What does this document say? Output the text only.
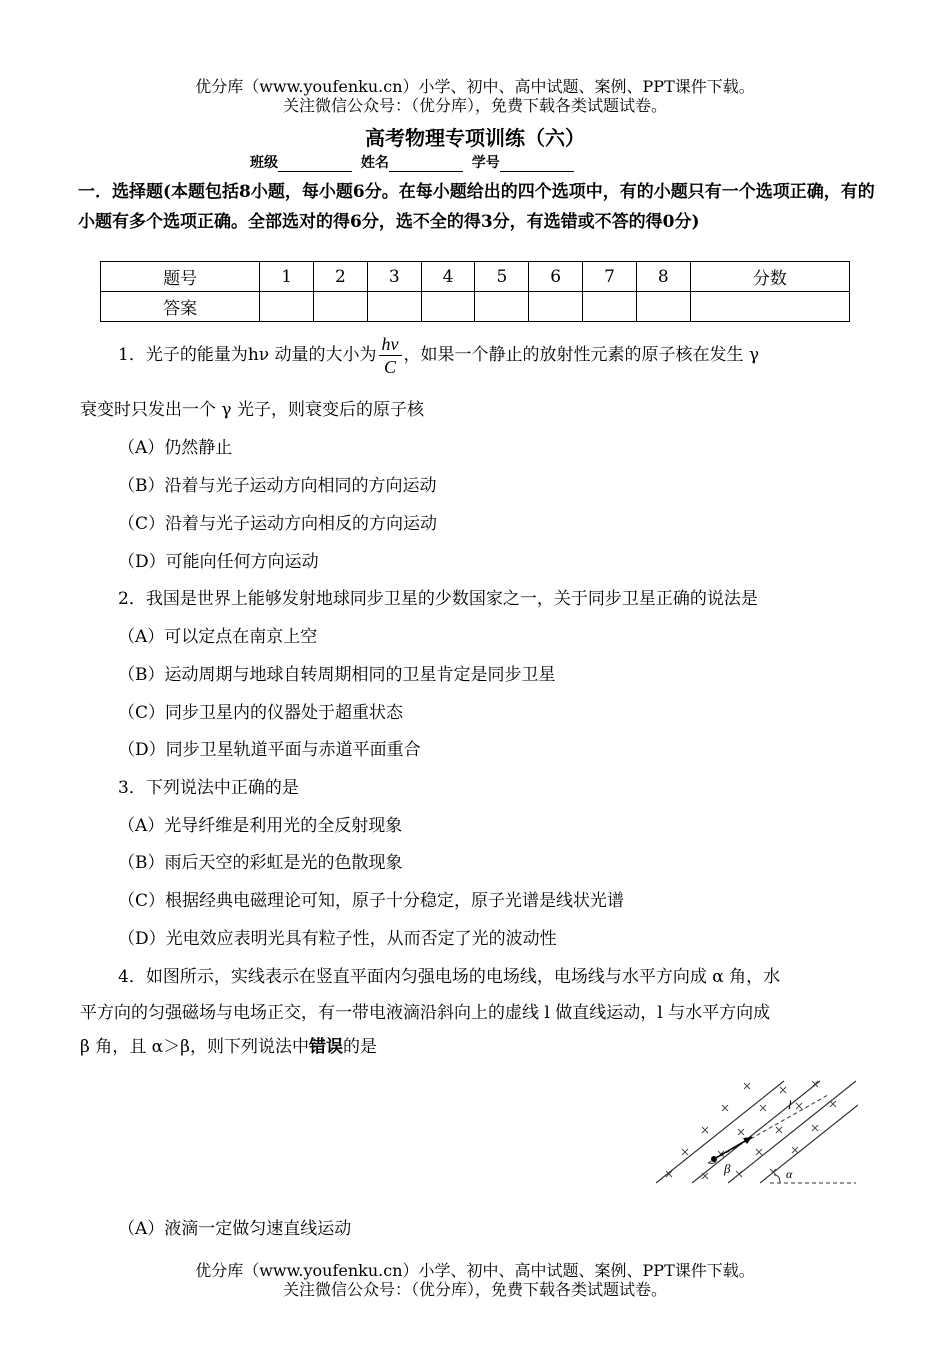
优分库（www.youfenku.cn）小学、初中、高中试题、案例、PPT课件下载。
关注微信公众号：（优分库），免费下载各类试题试卷。
高考物理专项训练（六）
班级	姓名	学号
一．选择题(本题包括8小题，每小题6分。在每小题给出的四个选项中，有的小题只有一个选项正确，有的小题有多个选项正确。全部选对的得6分，选不全的得3分，有选错或不答的得0分)
题号	1	2	3	4	5	6	7	8	分数
答案									
1．光子的能量为hν 动量的大小为 $\frac{h\nu}{C}$ ，如果一个静止的放射性元素的原子核在发生 γ
衰变时只发出一个 γ 光子，则衰变后的原子核
（A）仍然静止
（B）沿着与光子运动方向相同的方向运动
（C）沿着与光子运动方向相反的方向运动
（D）可能向任何方向运动
2．我国是世界上能够发射地球同步卫星的少数国家之一，关于同步卫星正确的说法是
（A）可以定点在南京上空
（B）运动周期与地球自转周期相同的卫星肯定是同步卫星
（C）同步卫星内的仪器处于超重状态
（D）同步卫星轨道平面与赤道平面重合
3．下列说法中正确的是
（A）光导纤维是利用光的全反射现象
（B）雨后天空的彩虹是光的色散现象
（C）根据经典电磁理论可知，原子十分稳定，原子光谱是线状光谱
（D）光电效应表明光具有粒子性，从而否定了光的波动性
4．如图所示，实线表示在竖直平面内匀强电场的电场线，电场线与水平方向成 α 角，水
平方向的匀强磁场与电场正交，有一带电液滴沿斜向上的虚线 l 做直线运动，l 与水平方向成
β 角，且 α＞β，则下列说法中错误的是
β	α
l
（A）液滴一定做匀速直线运动
优分库（www.youfenku.cn）小学、初中、高中试题、案例、PPT课件下载。
关注微信公众号：（优分库），免费下载各类试题试卷。
